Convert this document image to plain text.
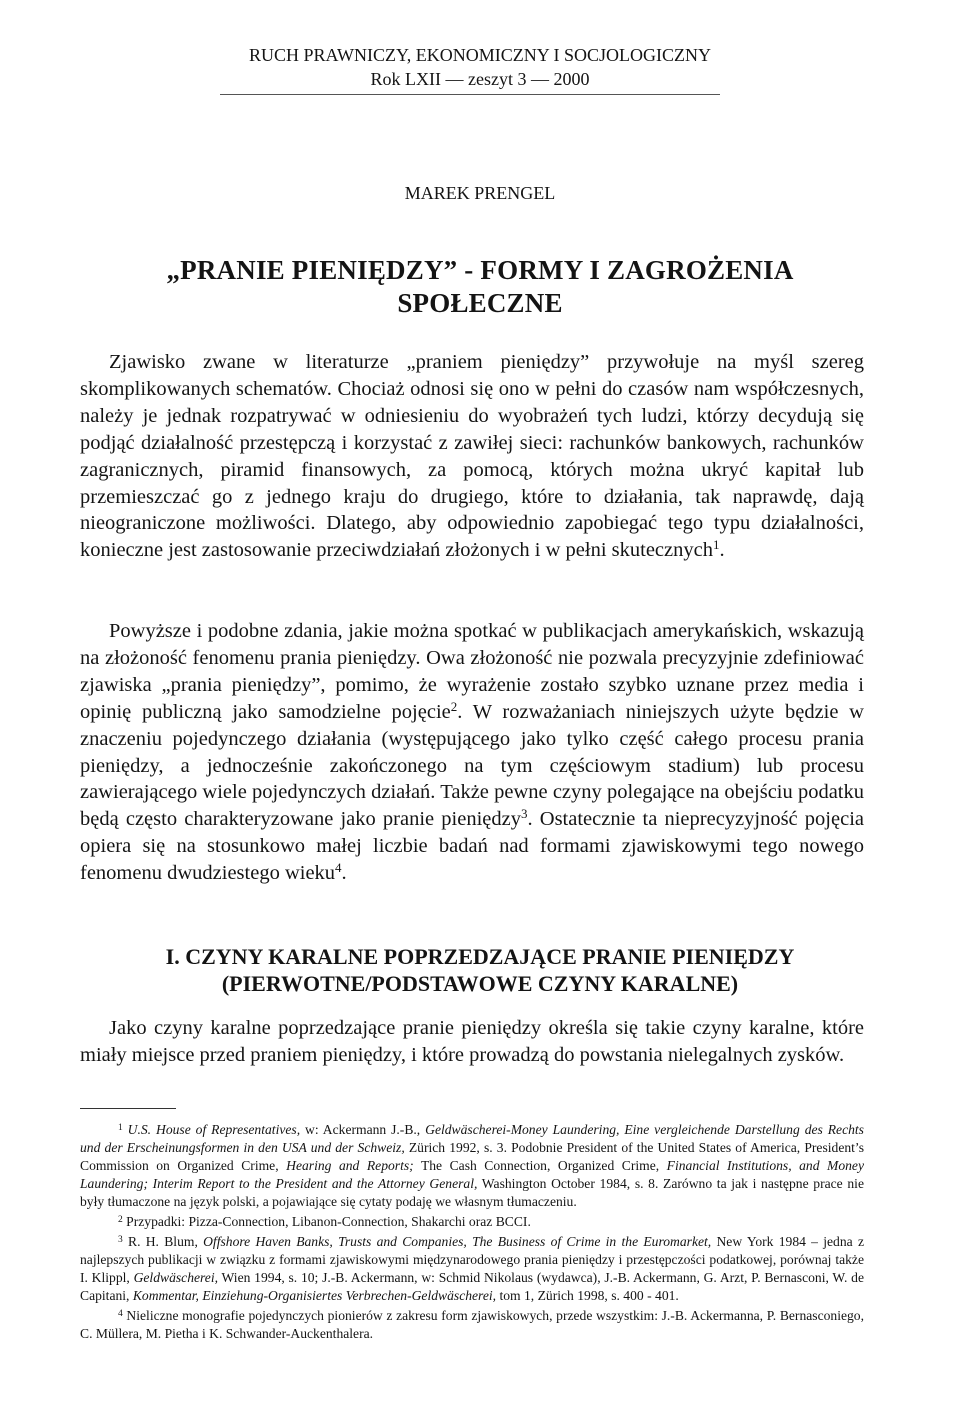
RUCH PRAWNICZY, EKONOMICZNY I SOCJOLOGICZNY
Rok LXII — zeszyt 3 — 2000
MAREK PRENGEL
„PRANIE PIENIĘDZY” - FORMY I ZAGROŻENIA
SPOŁECZNE

Zjawisko zwane w literaturze „praniem pieniędzy” przywołuje na myśl szereg skomplikowanych schematów. Chociaż odnosi się ono w pełni do czasów nam współczesnych, należy je jednak rozpatrywać w odniesieniu do wyobrażeń tych ludzi, którzy decydują się podjąć działalność przestępczą i korzystać z zawiłej sieci: rachunków bankowych, rachunków zagranicznych, piramid finansowych, za pomocą, których można ukryć kapitał lub przemieszczać go z jednego kraju do drugiego, które to działania, tak naprawdę, dają nieograniczone możliwości. Dlatego, aby odpowiednio zapobiegać tego typu działalności, konieczne jest zastosowanie przeciwdziałań złożonych i w pełni skutecznych$^1$.

Powyższe i podobne zdania, jakie można spotkać w publikacjach amerykańskich, wskazują na złożoność fenomenu prania pieniędzy. Owa złożoność nie pozwala precyzyjnie zdefiniować zjawiska „prania pieniędzy”, pomimo, że wyrażenie zostało szybko uznane przez media i opinię publiczną jako samodzielne pojęcie$^2$. W rozważaniach niniejszych użyte będzie w znaczeniu pojedynczego działania (występującego jako tylko część całego procesu prania pieniędzy, a jednocześnie zakończonego na tym częściowym stadium) lub procesu zawierającego wiele pojedynczych działań. Także pewne czyny polegające na obejściu podatku będą często charakteryzowane jako pranie pieniędzy$^3$. Ostatecznie ta nieprecyzyjność pojęcia opiera się na stosunkowo małej liczbie badań nad formami zjawiskowymi tego nowego fenomenu dwudziestego wieku$^4$.

I. CZYNY KARALNE POPRZEDZAJĄCE PRANIE PIENIĘDZY
(PIERWOTNE/PODSTAWOWE CZYNY KARALNE)

Jako czyny karalne poprzedzające pranie pieniędzy określa się takie czyny karalne, które miały miejsce przed praniem pieniędzy, i które prowadzą do powstania nielegalnych zysków.

$^1$ U.S. House of Representatives, w: Ackermann J.-B., Geldwäscherei-Money Laundering, Eine vergleichende Darstellung des Rechts und der Erscheinungsformen in den USA und der Schweiz, Zürich 1992, s. 3. Podobnie President of the United States of America, President’s Commission on Organized Crime, Hearing and Reports; The Cash Connection, Organized Crime, Financial Institutions, and Money Laundering; Interim Report to the President and the Attorney General, Washington October 1984, s. 8. Zarówno ta jak i następne prace nie były tłumaczone na język polski, a pojawiające się cytaty podaję we własnym tłumaczeniu.

$^2$ Przypadki: Pizza-Connection, Libanon-Connection, Shakarchi oraz BCCI.

$^3$ R. H. Blum, Offshore Haven Banks, Trusts and Companies, The Business of Crime in the Euromarket, New York 1984 – jedna z najlepszych publikacji w związku z formami zjawiskowymi międzynarodowego prania pieniędzy i przestępczości podatkowej, porównaj także I. Klippl, Geldwäscherei, Wien 1994, s. 10; J.-B. Ackermann, w: Schmid Nikolaus (wydawca), J.-B. Ackermann, G. Arzt, P. Bernasconi, W. de Capitani, Kommentar, Einziehung-Organisiertes Verbrechen-Geldwäscherei, tom 1, Zürich 1998, s. 400 - 401.

$^4$ Nieliczne monografie pojedynczych pionierów z zakresu form zjawiskowych, przede wszystkim: J.-B. Ackermanna, P. Bernasconiego, C. Müllera, M. Pietha i K. Schwander-Auckenthalera.
